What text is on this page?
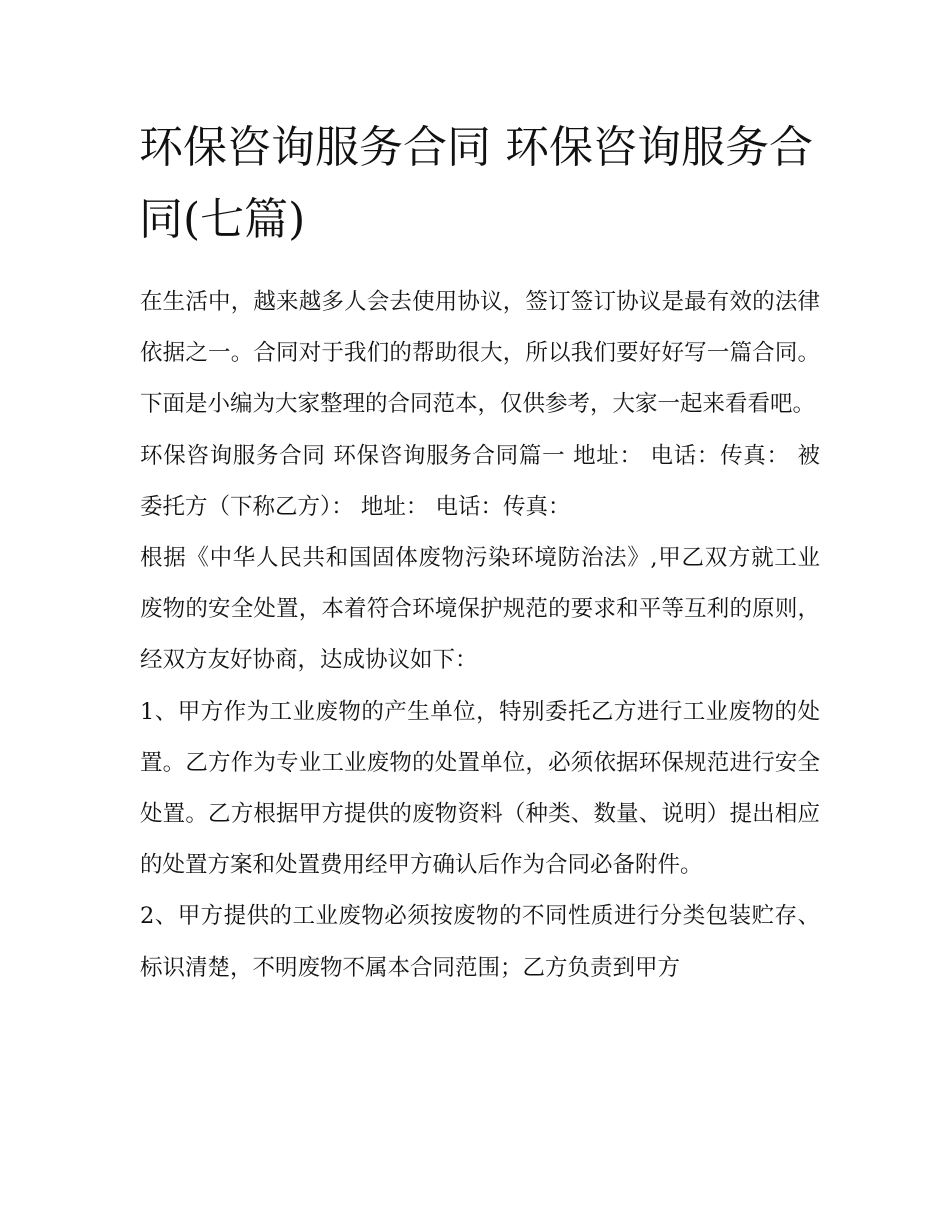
环保咨询服务合同 环保咨询服务合同(七篇)

在生活中，越来越多人会去使用协议，签订签订协议是最有效的法律依据之一。合同对于我们的帮助很大，所以我们要好好写一篇合同。下面是小编为大家整理的合同范本，仅供参考，大家一起来看看吧。

环保咨询服务合同 环保咨询服务合同篇一 地址： 电话：传真： 被委托方（下称乙方）： 地址： 电话：传真：

根据《中华人民共和国固体废物污染环境防治法》,甲乙双方就工业废物的安全处置，本着符合环境保护规范的要求和平等互利的原则，经双方友好协商，达成协议如下：

1、甲方作为工业废物的产生单位，特别委托乙方进行工业废物的处置。乙方作为专业工业废物的处置单位，必须依据环保规范进行安全处置。乙方根据甲方提供的废物资料（种类、数量、说明）提出相应的处置方案和处置费用经甲方确认后作为合同必备附件。

2、甲方提供的工业废物必须按废物的不同性质进行分类包装贮存、标识清楚，不明废物不属本合同范围；乙方负责到甲方
